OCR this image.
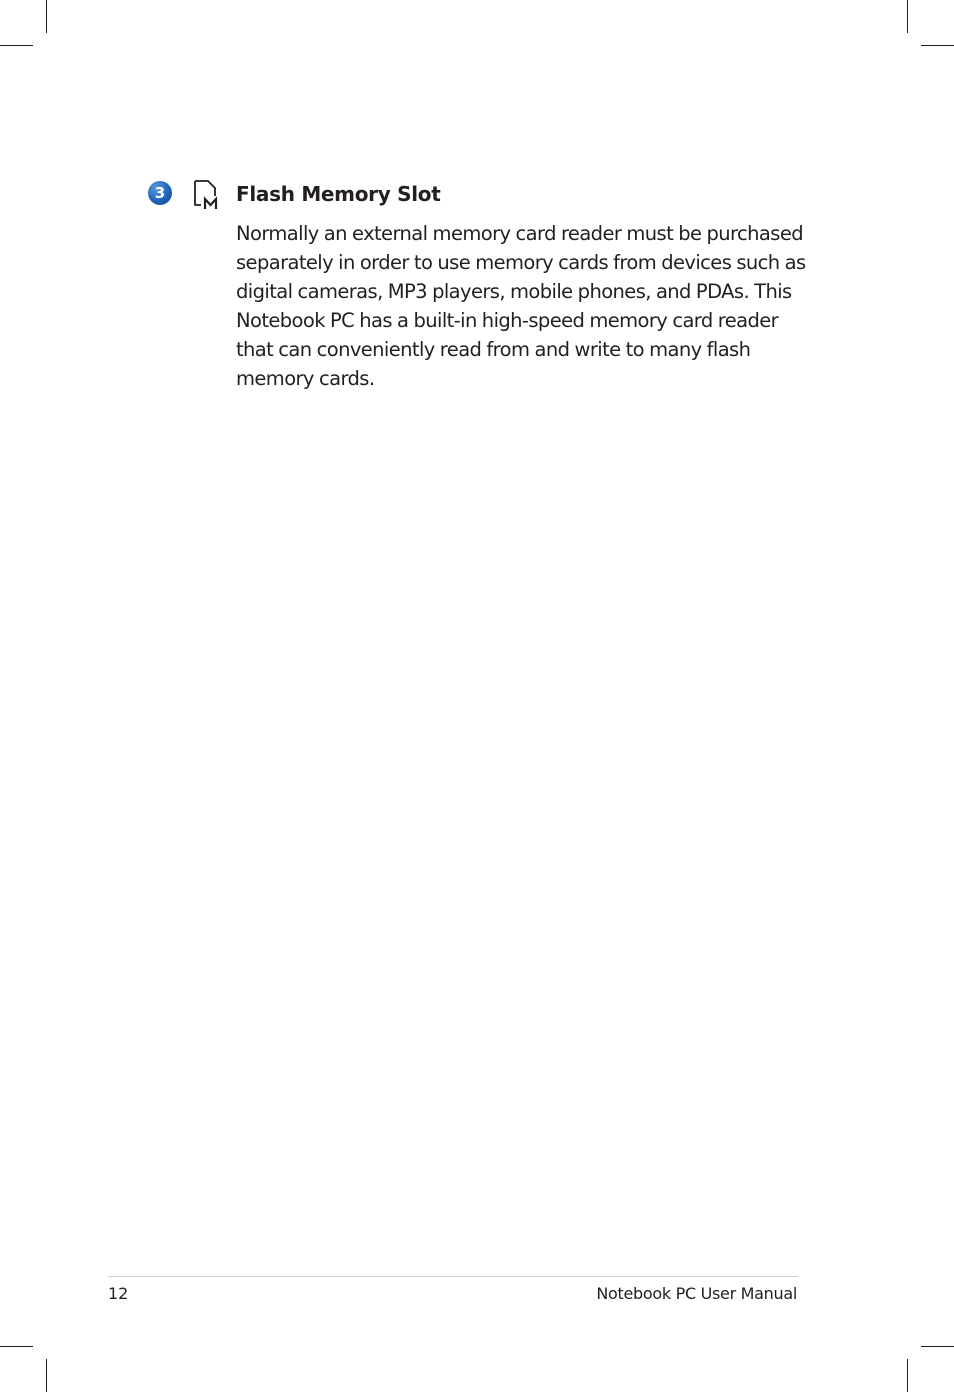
3	Flash Memory Slot

Normally an external memory card reader must be purchased separately in order to use memory cards from devices such as digital cameras, MP3 players, mobile phones, and PDAs. This Notebook PC has a built-in high-speed memory card reader that can conveniently read from and write to many flash memory cards.

12	Notebook PC User Manual
